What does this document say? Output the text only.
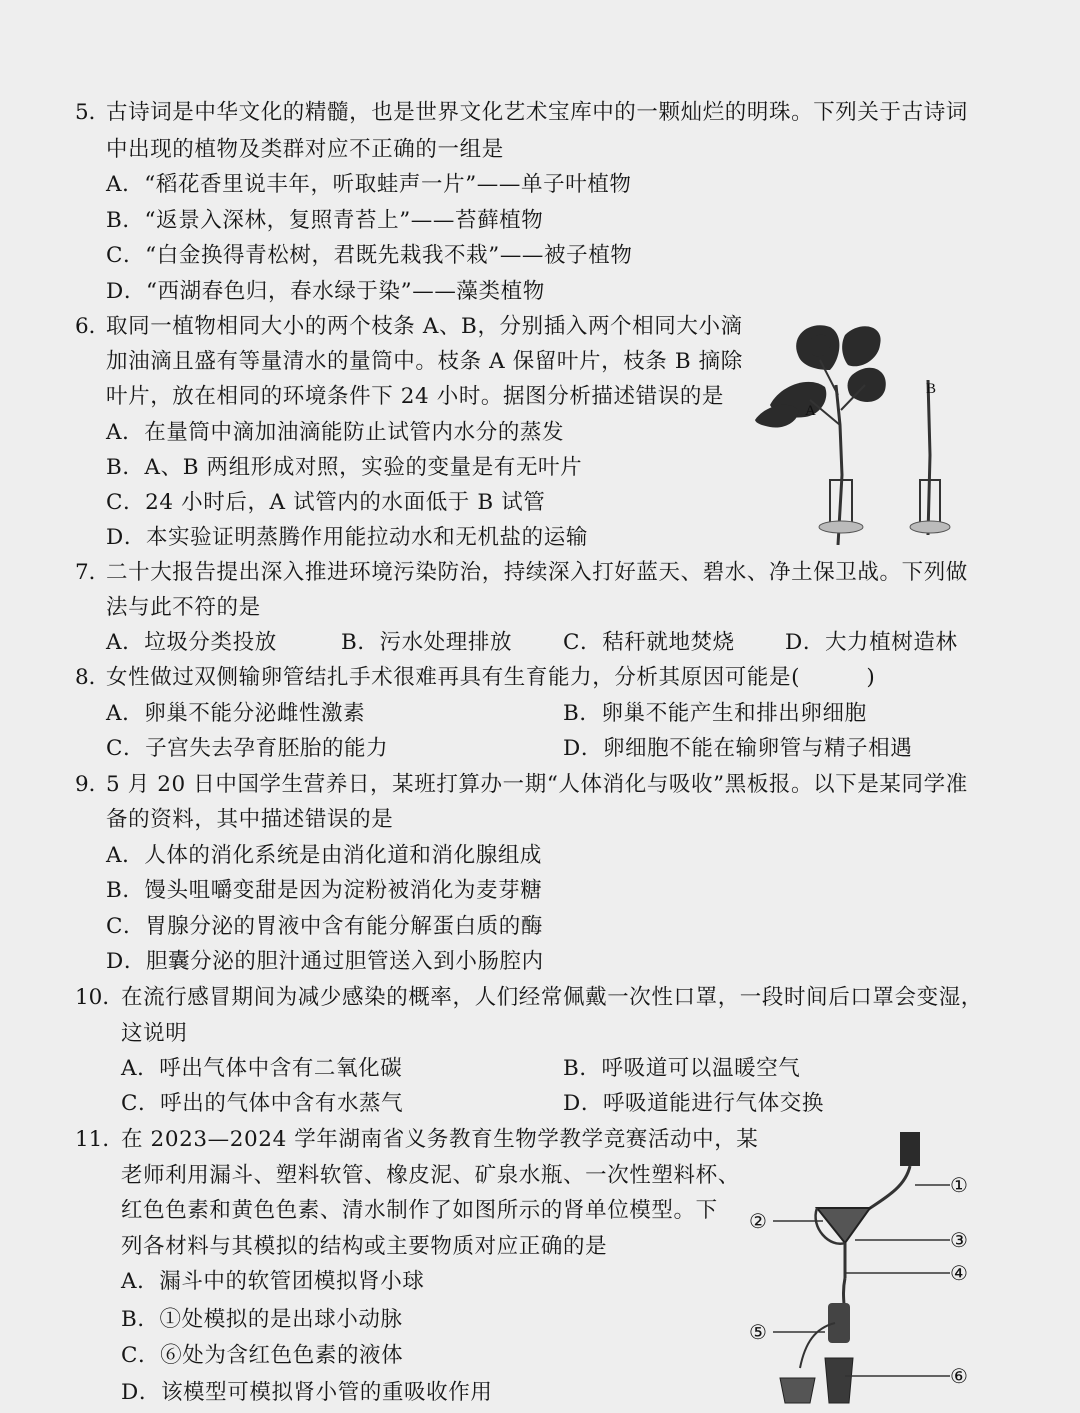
5．
古诗词是中华文化的精髓，也是世界文化艺术宝库中的一颗灿烂的明珠。下列关于古诗词
中出现的植物及类群对应不正确的一组是
A．“稻花香里说丰年，听取蛙声一片”——单子叶植物
B．“返景入深林，复照青苔上”——苔藓植物
C．“白金换得青松树，君既先栽我不栽”——被子植物
D．“西湖春色归，春水绿于染”——藻类植物
6．
取同一植物相同大小的两个枝条 A、B，分别插入两个相同大小滴
加油滴且盛有等量清水的量筒中。枝条 A 保留叶片，枝条 B 摘除
叶片，放在相同的环境条件下 24 小时。据图分析描述错误的是
A．在量筒中滴加油滴能防止试管内水分的蒸发
B．A、B 两组形成对照，实验的变量是有无叶片
C．24 小时后，A 试管内的水面低于 B 试管
D．本实验证明蒸腾作用能拉动水和无机盐的运输
A
B
7．
二十大报告提出深入推进环境污染防治，持续深入打好蓝天、碧水、净土保卫战。下列做
法与此不符的是
A．垃圾分类投放	B．污水处理排放 C．秸秆就地焚烧 D．大力植树造林
8．
女性做过双侧输卵管结扎手术很难再具有生育能力，分析其原因可能是(　　　)
A．卵巢不能分泌雌性激素	B．卵巢不能产生和排出卵细胞
C．子宫失去孕育胚胎的能力	D．卵细胞不能在输卵管与精子相遇
9．
5 月 20 日中国学生营养日，某班打算办一期“人体消化与吸收”黑板报。以下是某同学准
备的资料，其中描述错误的是
A．人体的消化系统是由消化道和消化腺组成
B．馒头咀嚼变甜是因为淀粉被消化为麦芽糖
C．胃腺分泌的胃液中含有能分解蛋白质的酶
D．胆囊分泌的胆汁通过胆管送入到小肠腔内
10．
在流行感冒期间为减少感染的概率，人们经常佩戴一次性口罩，一段时间后口罩会变湿，
这说明
A．呼出气体中含有二氧化碳	B．呼吸道可以温暖空气
C．呼出的气体中含有水蒸气	D．呼吸道能进行气体交换
11．
在 2023—2024 学年湖南省义务教育生物学教学竞赛活动中，某
老师利用漏斗、塑料软管、橡皮泥、矿泉水瓶、一次性塑料杯、
红色色素和黄色色素、清水制作了如图所示的肾单位模型。下
列各材料与其模拟的结构或主要物质对应正确的是
A．漏斗中的软管团模拟肾小球
B．①处模拟的是出球小动脉
C．⑥处为含红色色素的液体
D．该模型可模拟肾小管的重吸收作用
①
②
③
④
⑤
⑥
